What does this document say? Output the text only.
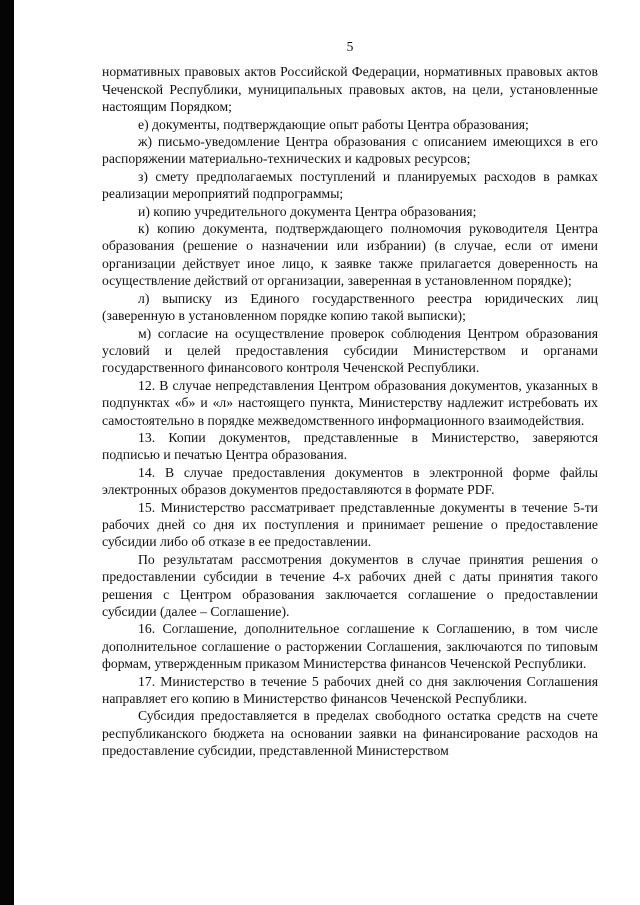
5

нормативных правовых актов Российской Федерации, нормативных правовых актов Чеченской Республики, муниципальных правовых актов, на цели, установленные настоящим Порядком;

е) документы, подтверждающие опыт работы Центра образования;

ж) письмо-уведомление Центра образования с описанием имеющихся в его распоряжении материально-технических и кадровых ресурсов;

з) смету предполагаемых поступлений и планируемых расходов в рамках реализации мероприятий подпрограммы;

и) копию учредительного документа Центра образования;

к) копию документа, подтверждающего полномочия руководителя Центра образования (решение о назначении или избрании) (в случае, если от имени организации действует иное лицо, к заявке также прилагается доверенность на осуществление действий от организации, заверенная в установленном порядке);

л) выписку из Единого государственного реестра юридических лиц (заверенную в установленном порядке копию такой выписки);

м) согласие на осуществление проверок соблюдения Центром образования условий и целей предоставления субсидии Министерством и органами государственного финансового контроля Чеченской Республики.

12. В случае непредставления Центром образования документов, указанных в подпунктах «б» и «л» настоящего пункта, Министерству надлежит истребовать их самостоятельно в порядке межведомственного информационного взаимодействия.

13. Копии документов, представленные в Министерство, заверяются подписью и печатью Центра образования.

14. В случае предоставления документов в электронной форме файлы электронных образов документов предоставляются в формате PDF.

15. Министерство рассматривает представленные документы в течение 5-ти рабочих дней со дня их поступления и принимает решение о предоставление субсидии либо об отказе в ее предоставлении.

По результатам рассмотрения документов в случае принятия решения о предоставлении субсидии в течение 4-х рабочих дней с даты принятия такого решения с Центром образования заключается соглашение о предоставлении субсидии (далее – Соглашение).

16. Соглашение, дополнительное соглашение к Соглашению, в том числе дополнительное соглашение о расторжении Соглашения, заключаются по типовым формам, утвержденным приказом Министерства финансов Чеченской Республики.

17. Министерство в течение 5 рабочих дней со дня заключения Соглашения направляет его копию в Министерство финансов Чеченской Республики.

Субсидия предоставляется в пределах свободного остатка средств на счете республиканского бюджета на основании заявки на финансирование расходов на предоставление субсидии, представленной Министерством
